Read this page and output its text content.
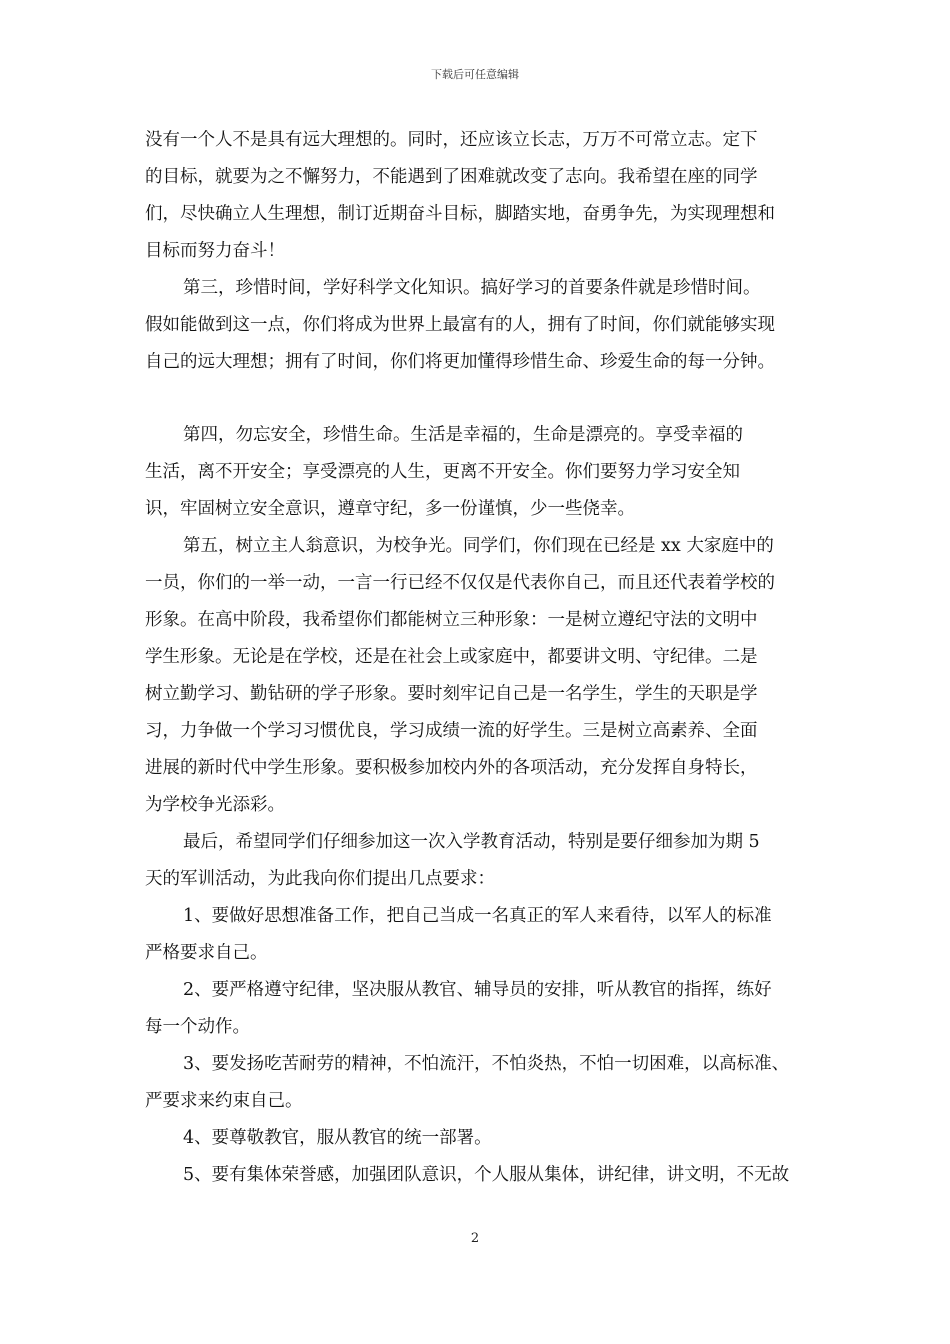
下载后可任意编辑
没有一个人不是具有远大理想的。同时，还应该立长志，万万不可常立志。定下
的目标，就要为之不懈努力，不能遇到了困难就改变了志向。我希望在座的同学
们，尽快确立人生理想，制订近期奋斗目标，脚踏实地，奋勇争先，为实现理想和
目标而努力奋斗！
第三，珍惜时间，学好科学文化知识。搞好学习的首要条件就是珍惜时间。
假如能做到这一点，你们将成为世界上最富有的人，拥有了时间，你们就能够实现
自己的远大理想；拥有了时间，你们将更加懂得珍惜生命、珍爱生命的每一分钟。
第四，勿忘安全，珍惜生命。生活是幸福的，生命是漂亮的。享受幸福的
生活，离不开安全；享受漂亮的人生，更离不开安全。你们要努力学习安全知
识，牢固树立安全意识，遵章守纪，多一份谨慎，少一些侥幸。
第五，树立主人翁意识，为校争光。同学们，你们现在已经是 xx 大家庭中的
一员，你们的一举一动，一言一行已经不仅仅是代表你自己，而且还代表着学校的
形象。在高中阶段，我希望你们都能树立三种形象：一是树立遵纪守法的文明中
学生形象。无论是在学校，还是在社会上或家庭中，都要讲文明、守纪律。二是
树立勤学习、勤钻研的学子形象。要时刻牢记自己是一名学生，学生的天职是学
习，力争做一个学习习惯优良，学习成绩一流的好学生。三是树立高素养、全面
进展的新时代中学生形象。要积极参加校内外的各项活动，充分发挥自身特长，
为学校争光添彩。
最后，希望同学们仔细参加这一次入学教育活动，特别是要仔细参加为期 5
天的军训活动，为此我向你们提出几点要求：
1、要做好思想准备工作，把自己当成一名真正的军人来看待，以军人的标准
严格要求自己。
2、要严格遵守纪律，坚决服从教官、辅导员的安排，听从教官的指挥，练好
每一个动作。
3、要发扬吃苦耐劳的精神，不怕流汗，不怕炎热，不怕一切困难，以高标准、
严要求来约束自己。
4、要尊敬教官，服从教官的统一部署。
5、要有集体荣誉感，加强团队意识，个人服从集体，讲纪律，讲文明，不无故
2
